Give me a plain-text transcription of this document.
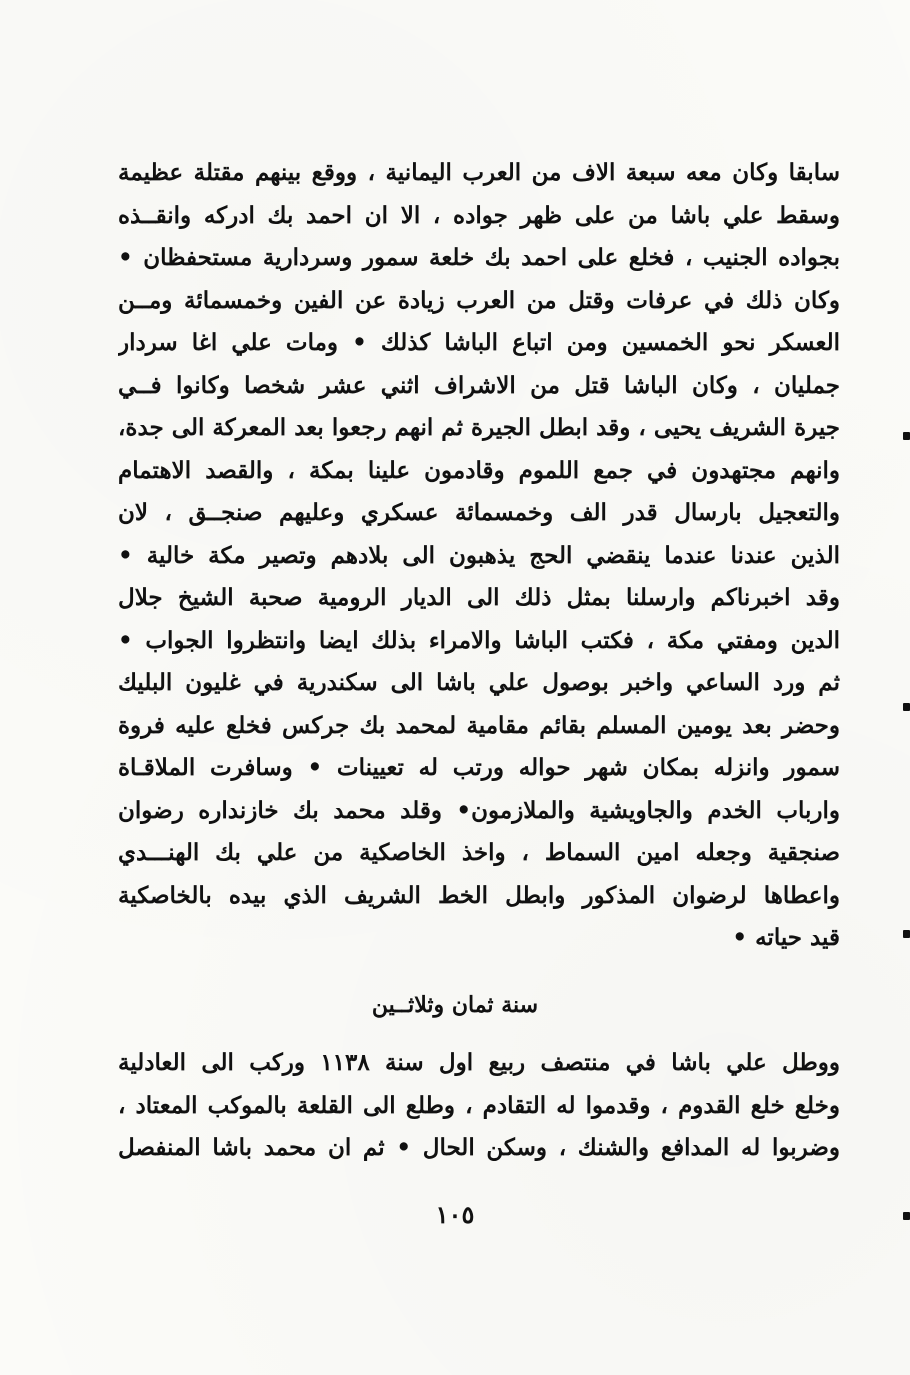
سابقا وكان معه سبعة الاف من العرب اليمانية ، ووقع بينهم مقتلة عظيمة
وسقط علي باشا من على ظهر جواده ، الا ان احمد بك ادركه وانقــذه
بجواده الجنيب ، فخلع على احمد بك خلعة سمور وسردارية مستحفظان •
وكان ذلك في عرفات وقتل من العرب زيادة عن الفين وخمسمائة ومــن
العسكر نحو الخمسين ومن اتباع الباشا كذلك • ومات علي اغا سردار
جمليان ، وكان الباشا قتل من الاشراف اثني عشر شخصا وكانوا فــي
جيرة الشريف يحيى ، وقد ابطل الجيرة ثم انهم رجعوا بعد المعركة الى جدة،
وانهم مجتهدون في جمع اللموم وقادمون علينا بمكة ، والقصد الاهتمام
والتعجيل بارسال قدر الف وخمسمائة عسكري وعليهم صنجــق ، لان
الذين عندنا عندما ينقضي الحج يذهبون الى بلادهم وتصير مكة خالية •
وقد اخبرناكم وارسلنا بمثل ذلك الى الديار الرومية صحبة الشيخ جلال
الدين ومفتي مكة ، فكتب الباشا والامراء بذلك ايضا وانتظروا الجواب •
ثم ورد الساعي واخبر بوصول علي باشا الى سكندرية في غليون البليك
وحضر بعد يومين المسلم بقائم مقامية لمحمد بك جركس فخلع عليه فروة
سمور وانزله بمكان شهر حواله ورتب له تعيينات • وسافرت الملاقـاة
وارباب الخدم والجاويشية والملازمون• وقلد محمد بك خازنداره رضوان
صنجقية وجعله امين السماط ، واخذ الخاصكية من علي بك الهنـــدي
واعطاها لرضوان المذكور وابطل الخط الشريف الذي بيده بالخاصكية
قيد حياته •
سنة ثمان وثلاثــين
ووطل علي باشا في منتصف ربيع اول سنة ١١٣٨ وركب الى العادلية
وخلع خلع القدوم ، وقدموا له التقادم ، وطلع الى القلعة بالموكب المعتاد ،
وضربوا له المدافع والشنك ، وسكن الحال • ثم ان محمد باشا المنفصل
١٠٥
